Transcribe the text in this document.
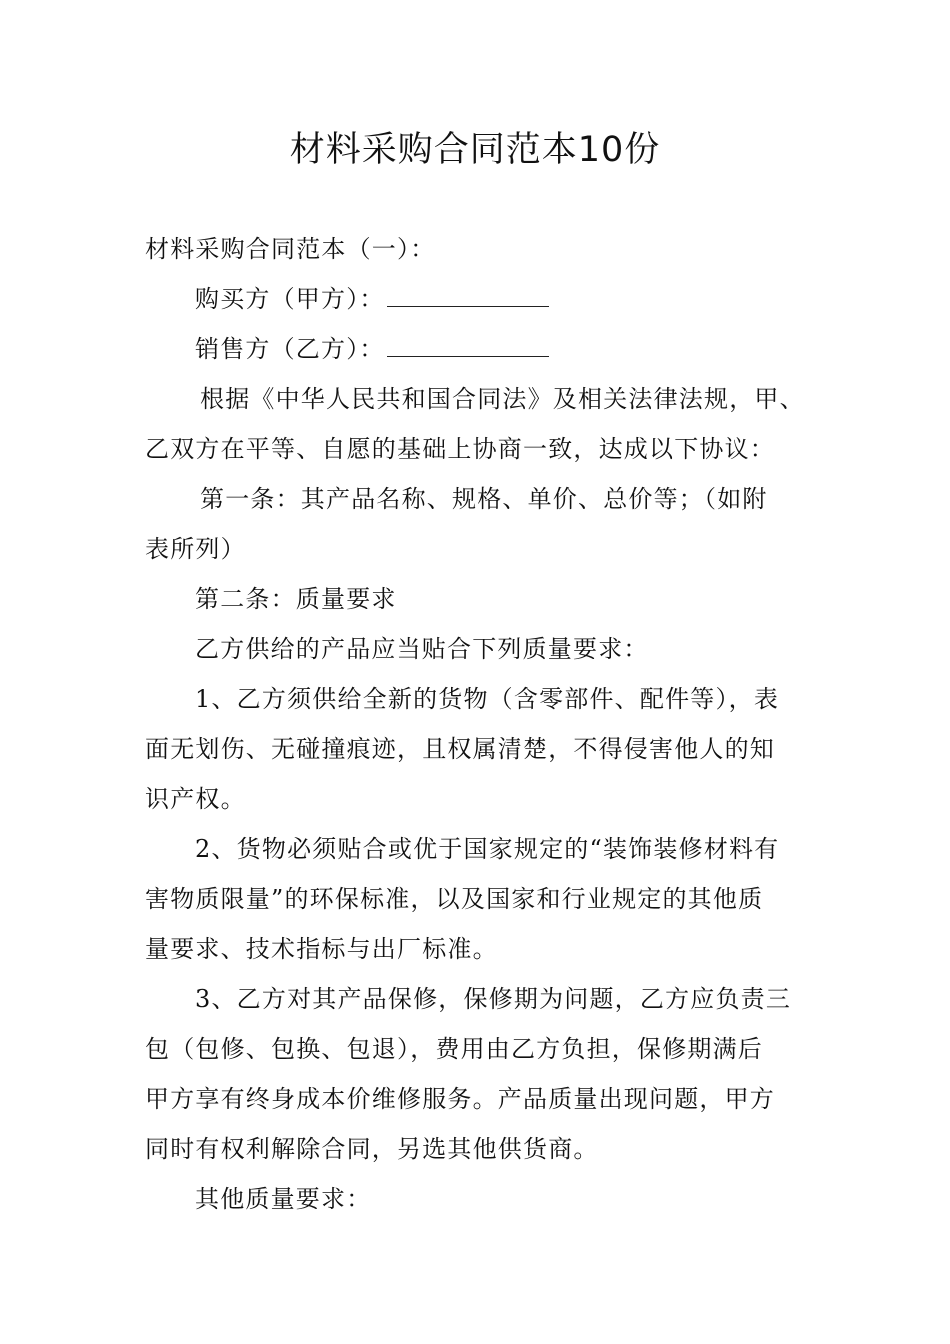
材料采购合同范本10份
材料采购合同范本（一）：
购买方（甲方）：
销售方（乙方）：
根据《中华人民共和国合同法》及相关法律法规，甲、
乙双方在平等、自愿的基础上协商一致，达成以下协议：
第一条：其产品名称、规格、单价、总价等；（如附
表所列）
第二条：质量要求
乙方供给的产品应当贴合下列质量要求：
1、乙方须供给全新的货物（含零部件、配件等），表
面无划伤、无碰撞痕迹，且权属清楚，不得侵害他人的知
识产权。
2、货物必须贴合或优于国家规定的“装饰装修材料有
害物质限量”的环保标准，以及国家和行业规定的其他质
量要求、技术指标与出厂标准。
3、乙方对其产品保修，保修期为问题，乙方应负责三
包（包修、包换、包退），费用由乙方负担，保修期满后
甲方享有终身成本价维修服务。产品质量出现问题，甲方
同时有权利解除合同，另选其他供货商。
其他质量要求：
